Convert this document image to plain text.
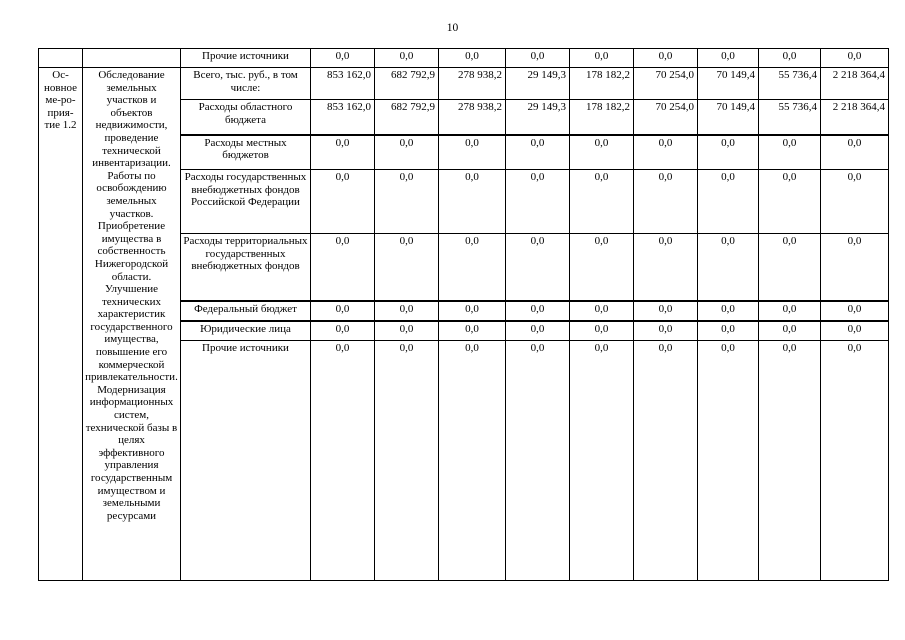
10
		Прочие источники	0,0	0,0	0,0	0,0	0,0	0,0	0,0	0,0	0,0
Ос-новное ме-ро-прия-тие 1.2	Обследование земельных участков и объектов недвижимости, проведение технической инвентаризации. Работы по освобождению земельных участков. Приобретение имущества в собственность Нижегородской области. Улучшение технических характеристик государственного имущества, повышение его коммерческой привлекательности. Модернизация информационных систем, технической базы в целях эффективного управления государственным имуществом и земельными ресурсами	Всего, тыс. руб., в том числе:	853 162,0	682 792,9	278 938,2	29 149,3	178 182,2	70 254,0	70 149,4	55 736,4	2 218 364,4
		Расходы областного бюджета	853 162,0	682 792,9	278 938,2	29 149,3	178 182,2	70 254,0	70 149,4	55 736,4	2 218 364,4
		Расходы местных бюджетов	0,0	0,0	0,0	0,0	0,0	0,0	0,0	0,0	0,0
		Расходы государственных внебюджетных фондов Российской Федерации	0,0	0,0	0,0	0,0	0,0	0,0	0,0	0,0	0,0
		Расходы территориальных государственных внебюджетных фондов	0,0	0,0	0,0	0,0	0,0	0,0	0,0	0,0	0,0
		Федеральный бюджет	0,0	0,0	0,0	0,0	0,0	0,0	0,0	0,0	0,0
		Юридические лица	0,0	0,0	0,0	0,0	0,0	0,0	0,0	0,0	0,0
		Прочие источники	0,0	0,0	0,0	0,0	0,0	0,0	0,0	0,0	0,0
